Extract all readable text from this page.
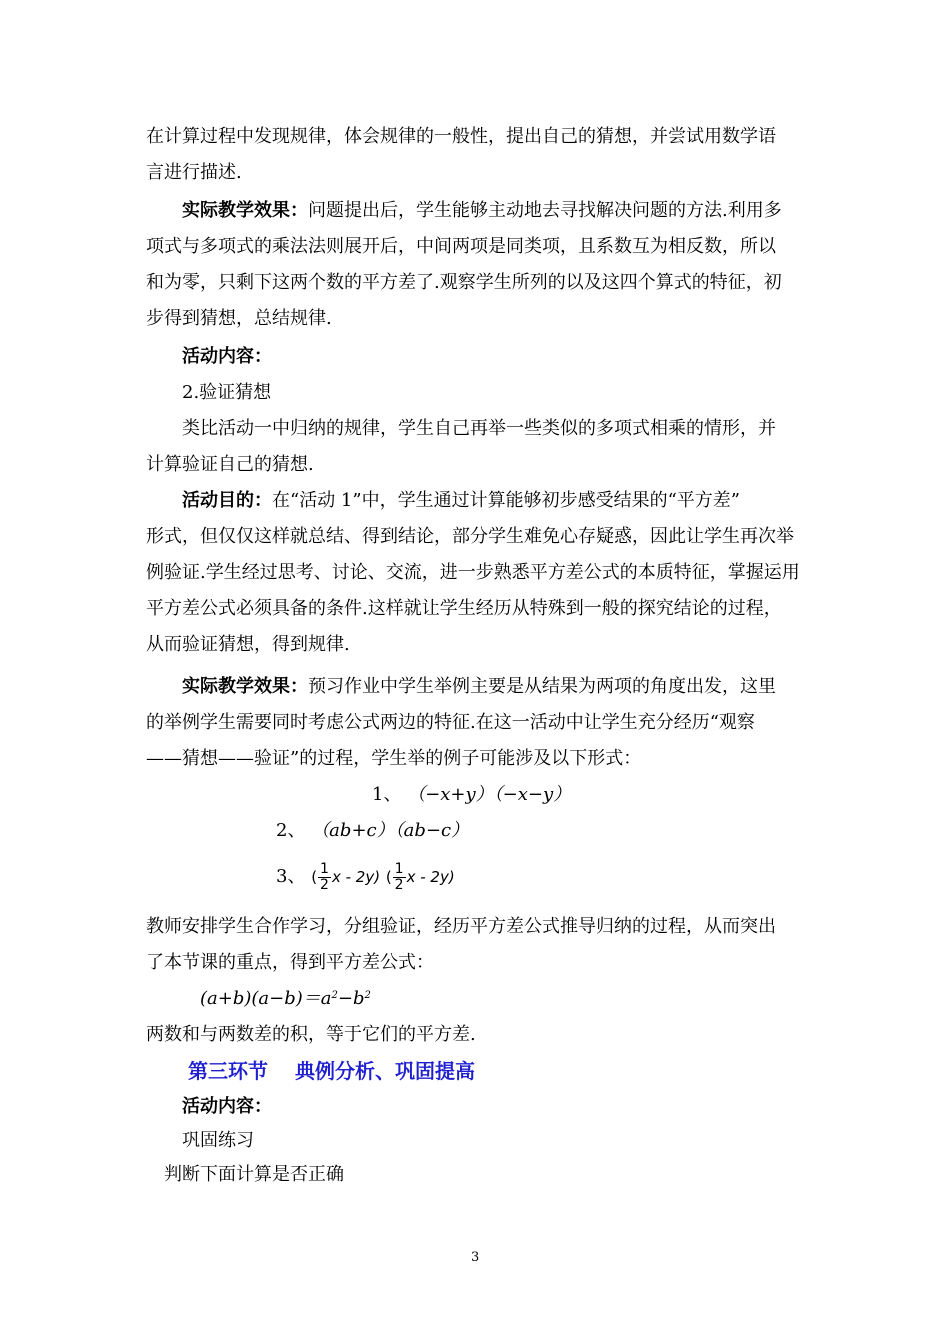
在计算过程中发现规律，体会规律的一般性，提出自己的猜想，并尝试用数学语
言进行描述.
实际教学效果：问题提出后，学生能够主动地去寻找解决问题的方法.利用多
项式与多项式的乘法法则展开后，中间两项是同类项，且系数互为相反数，所以
和为零，只剩下这两个数的平方差了.观察学生所列的以及这四个算式的特征，初
步得到猜想，总结规律.
活动内容：
2.验证猜想
类比活动一中归纳的规律，学生自己再举一些类似的多项式相乘的情形，并
计算验证自己的猜想.
活动目的：在“活动 1”中，学生通过计算能够初步感受结果的“平方差”
形式，但仅仅这样就总结、得到结论，部分学生难免心存疑惑，因此让学生再次举
例验证.学生经过思考、讨论、交流，进一步熟悉平方差公式的本质特征，掌握运用
平方差公式必须具备的条件.这样就让学生经历从特殊到一般的探究结论的过程，
从而验证猜想，得到规律.
实际教学效果：预习作业中学生举例主要是从结果为两项的角度出发，这里
的举例学生需要同时考虑公式两边的特征.在这一活动中让学生充分经历“观察
——猜想——验证”的过程，学生举的例子可能涉及以下形式：
1、 （−x+y）（−x−y）
2、 （ab+c）（ab−c）
3、 ( $\frac{1}{2}$ x - 2y) ( $\frac{1}{2}$ x - 2y)
教师安排学生合作学习，分组验证，经历平方差公式推导归纳的过程，从而突出
了本节课的重点，得到平方差公式：
$(a+b)(a-b)=a^2-b^2$
两数和与两数差的积，等于它们的平方差.
第三环节　 典例分析、巩固提高
活动内容：
巩固练习
判断下面计算是否正确
3
